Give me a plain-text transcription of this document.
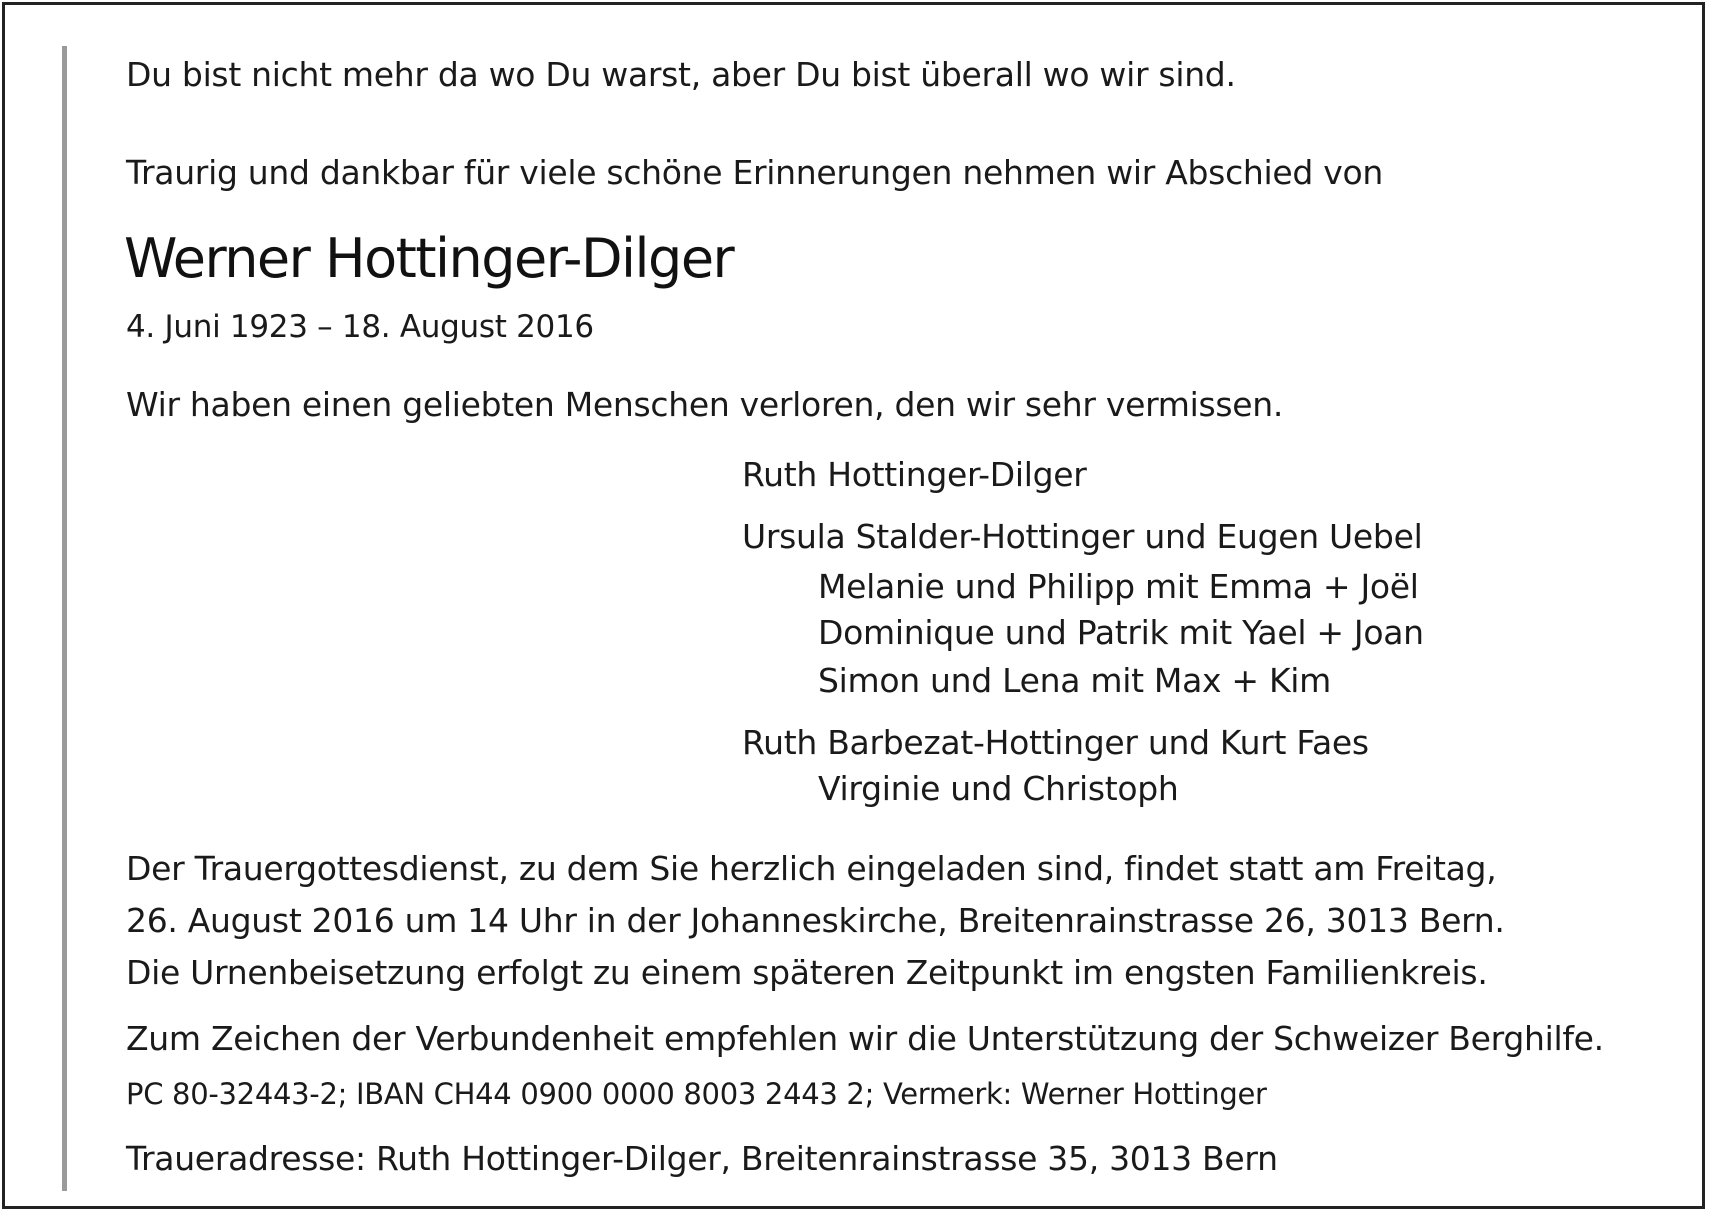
Du bist nicht mehr da wo Du warst, aber Du bist überall wo wir sind.
Traurig und dankbar für viele schöne Erinnerungen nehmen wir Abschied von
Werner Hottinger-Dilger
4. Juni 1923 – 18. August 2016
Wir haben einen geliebten Menschen verloren, den wir sehr vermissen.
Ruth Hottinger-Dilger
Ursula Stalder-Hottinger und Eugen Uebel
Melanie und Philipp mit Emma + Joël
Dominique und Patrik mit Yael + Joan
Simon und Lena mit Max + Kim
Ruth Barbezat-Hottinger und Kurt Faes
Virginie und Christoph
Der Trauergottesdienst, zu dem Sie herzlich eingeladen sind, findet statt am Freitag,
26. August 2016 um 14 Uhr in der Johanneskirche, Breitenrainstrasse 26, 3013 Bern.
Die Urnenbeisetzung erfolgt zu einem späteren Zeitpunkt im engsten Familienkreis.
Zum Zeichen der Verbundenheit empfehlen wir die Unterstützung der Schweizer Berghilfe.
PC 80-32443-2; IBAN CH44 0900 0000 8003 2443 2; Vermerk: Werner Hottinger
Traueradresse: Ruth Hottinger-Dilger, Breitenrainstrasse 35, 3013 Bern
